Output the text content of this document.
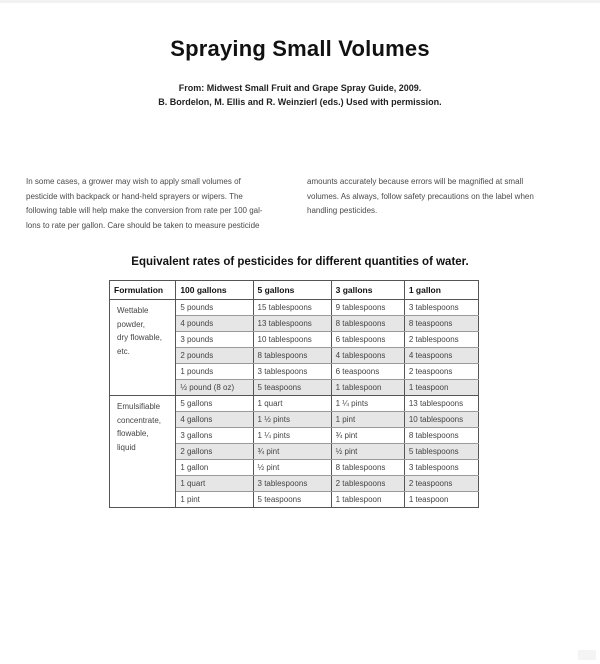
Spraying Small Volumes
From: Midwest Small Fruit and Grape Spray Guide, 2009.
B. Bordelon, M. Ellis and R. Weinzierl (eds.) Used with permission.
In some cases, a grower may wish to apply small volumes of
pesticide with backpack or hand-held sprayers or wipers. The
following table will help make the conversion from rate per 100 gal-
lons to rate per gallon. Care should be taken to measure pesticide
amounts accurately because errors will be magnified at small
volumes. As always, follow safety precautions on the label when
handling pesticides.
Equivalent rates of pesticides for different quantities of water.
Formulation	100 gallons	5 gallons	3 gallons	1 gallon

Wettable
powder,
dry flowable,
etc.	5 pounds	15 tablespoons	9 tablespoons	3 tablespoons
	4 pounds	13 tablespoons	8 tablespoons	8 teaspoons
	3 pounds	10 tablespoons	6 tablespoons	2 tablespoons
	2 pounds	8 tablespoons	4 tablespoons	4 teaspoons
	1 pounds	3 tablespoons	6 teaspoons	2 teaspoons
	½ pound (8 oz)	5 teaspoons	1 tablespoon	1 teaspoon

Emulsifiable
concentrate,
flowable,
liquid	5 gallons	1 quart	1 ¼ pints	13 tablespoons
	4 gallons	1 ½ pints	1 pint	10 tablespoons
	3 gallons	1 ¼ pints	¾ pint	8 tablespoons
	2 gallons	¾ pint	½ pint	5 tablespoons
	1 gallon	½ pint	8 tablespoons	3 tablespoons
	1 quart	3 tablespoons	2 tablespoons	2 teaspoons
	1 pint	5 teaspoons	1 tablespoon	1 teaspoon
